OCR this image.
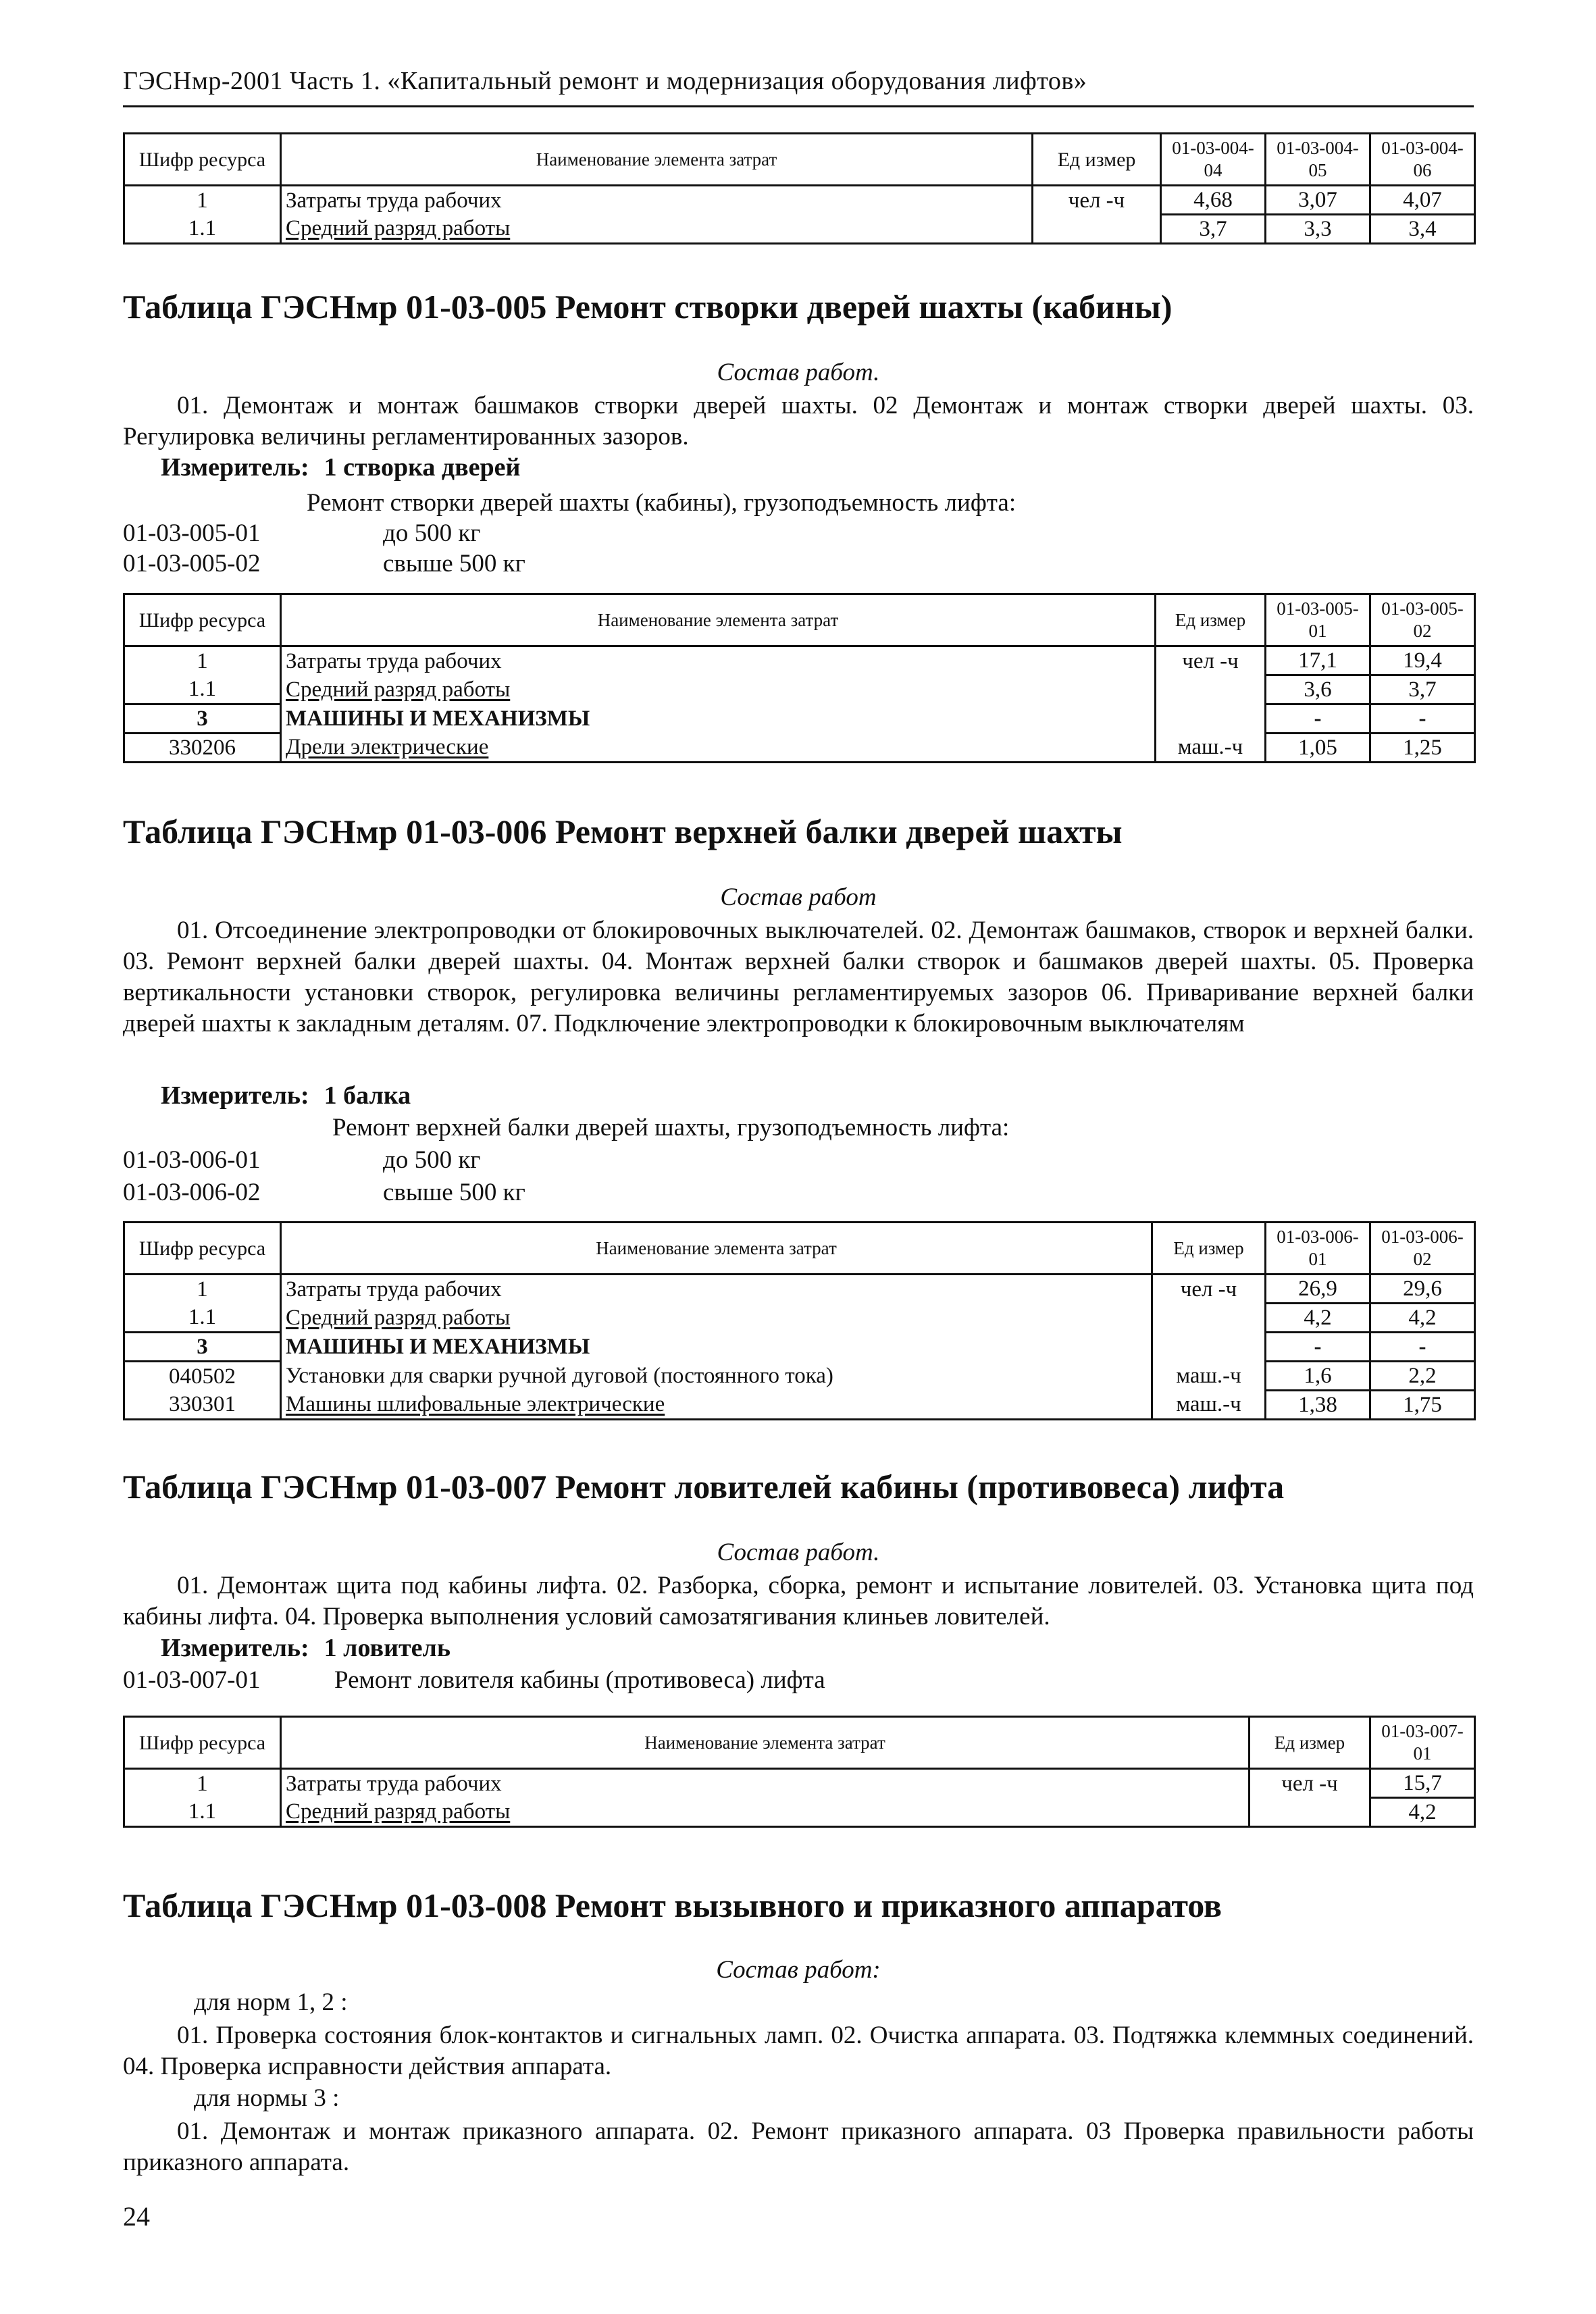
ГЭСНмр-2001 Часть 1. «Капитальный ремонт и модернизация оборудования лифтов»
Шифр ресурса	Наименование элемента затрат	Ед измер	01-03-004-04	01-03-004-05	01-03-004-06
1	Затраты труда рабочих	чел -ч	4,68	3,07	4,07
1.1	Средний разряд работы		3,7	3,3	3,4
Таблица ГЭСНмр 01-03-005 Ремонт створки дверей шахты (кабины)
Состав работ.
01. Демонтаж и монтаж башмаков створки дверей шахты. 02 Демонтаж и монтаж створки дверей шахты. 03. Регулировка величины регламентированных зазоров.
Измеритель: 1 створка дверей
Ремонт створки дверей шахты (кабины), грузоподъемность лифта:
01-03-005-01	до 500 кг
01-03-005-02	свыше 500 кг
Шифр ресурса	Наименование элемента затрат	Ед измер	01-03-005-01	01-03-005-02
1	Затраты труда рабочих	чел -ч	17,1	19,4
1.1	Средний разряд работы		3,6	3,7
3	МАШИНЫ И МЕХАНИЗМЫ		-	-
330206	Дрели электрические	маш.-ч	1,05	1,25
Таблица ГЭСНмр 01-03-006 Ремонт верхней балки дверей шахты
Состав работ
01. Отсоединение электропроводки от блокировочных выключателей. 02. Демонтаж башмаков, створок и верхней балки. 03. Ремонт верхней балки дверей шахты. 04. Монтаж верхней балки створок и башмаков дверей шахты. 05. Проверка вертикальности установки створок, регулировка величины регламентируемых зазоров 06. Приваривание верхней балки дверей шахты к закладным деталям. 07. Подключение электропроводки к блокировочным выключателям
Измеритель: 1 балка
Ремонт верхней балки дверей шахты, грузоподъемность лифта:
01-03-006-01	до 500 кг
01-03-006-02	свыше 500 кг
Шифр ресурса	Наименование элемента затрат	Ед измер	01-03-006-01	01-03-006-02
1	Затраты труда рабочих	чел -ч	26,9	29,6
1.1	Средний разряд работы		4,2	4,2
3	МАШИНЫ И МЕХАНИЗМЫ		-	-
040502	Установки для сварки ручной дуговой (постоянного тока)	маш.-ч	1,6	2,2
330301	Машины шлифовальные электрические	маш.-ч	1,38	1,75
Таблица ГЭСНмр 01-03-007 Ремонт ловителей кабины (противовеса) лифта
Состав работ.
01. Демонтаж щита под кабины лифта. 02. Разборка, сборка, ремонт и испытание ловителей. 03. Установка щита под кабины лифта. 04. Проверка выполнения условий самозатягивания клиньев ловителей.
Измеритель: 1 ловитель
01-03-007-01	Ремонт ловителя кабины (противовеса) лифта
Шифр ресурса	Наименование элемента затрат	Ед измер	01-03-007-01
1	Затраты труда рабочих	чел -ч	15,7
1.1	Средний разряд работы		4,2
Таблица ГЭСНмр 01-03-008 Ремонт вызывного и приказного аппаратов
Состав работ:
для норм 1, 2 :
01. Проверка состояния блок-контактов и сигнальных ламп. 02. Очистка аппарата. 03. Подтяжка клеммных соединений. 04. Проверка исправности действия аппарата.
для нормы 3 :
01. Демонтаж и монтаж приказного аппарата. 02. Ремонт приказного аппарата. 03 Проверка правильности работы приказного аппарата.
24
